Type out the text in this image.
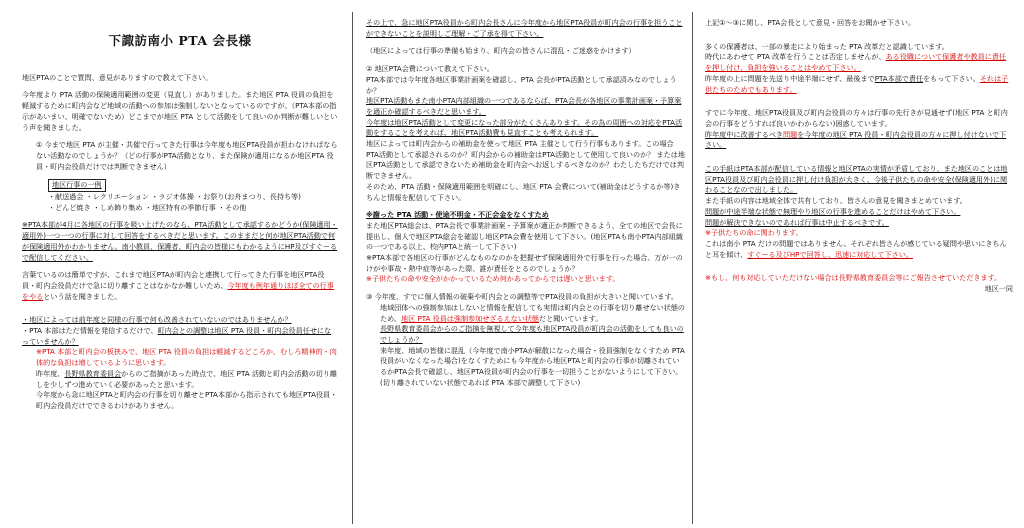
下諏訪南小 PTA 会長様
地区PTAのことで質問、意見がありますので教えて下さい。
今年度より PTA 活動の保険適用範囲の変更（見直し）がありました。また地区 PTA 役員の負担を軽減するために町内会など地域の活動への参加は強制しないとなっているのですが、（PTA本部の指示があいまい、明確でないため）どこまでが地区 PTA として活動をして良いのか判断が難しいという声を聞きました。
① 今まで地区 PTA が主催・共催で行ってきた行事は今年度も地区PTA役員が担わなければならない活動なのでしょうか？（どの行事がPTA活動となり、また保険が適用になるか地区PTA 役員・町内会役員だけでは判断できません）
地区行事の一例
・献送過会 ・レクリエーション ・ラジオ体操 ・お祭り(お舟まつり、長持ち等)
・どんど焼き ・しめ飾り集め ・地区特有の季節行事 ・その他
※PTA本部が4月に各地区の行事を吸い上げたのなら、PTA活動として承認するかどうか(保険適用・適用外)一つ一つの行事に対して回答をするべきだと思います。このままだと何が地区PTA活動で何が保険適用外かわかりません。南小教員、保護者、町内会の皆様にもわかるようにHP及びすぐーるで配信してください。
言葉ているのは簡単ですが、これまで地区PTAが町内会と連携して行ってきた行事を地区PTA役員・町内会役員だけで急に切り離すことはなかなか難しいため、今年度も例年通りほぼ全ての行事をやるという話を聞きました。
・地区によっては前年度と同様の行事で何も改善されていないのではありませんか？
・PTA 本部はただ情報を発信するだけで、町内会との調整は地区 PTA 役員・町内会役員任せになっていませんか？
※PTA 本部と町内会の板挟みで、地区 PTA 役員の負担は軽減するどころか、むしろ精神的・肉体的な負担は増しているように思います。
昨年度、長野県教育委員会からのご指摘があった時点で、地区 PTA 活動と町内会活動の切り離しを少しずつ進めていく必要があったと思います。
今年度から急に地区PTAと町内会の行事を切り離せとPTA本部から指示されても地区PTA役員・町内会役員だけでできるわけがありません。
その上で、急に地区PTA役員から町内会長さんに今年度から地区PTA役員が町内会の行事を担うことができないことを説明しご理解・ご了承を得て下さい。
（地区によっては行事の準備も始まり、町内会の皆さんに混乱・ご迷惑をかけます）
② 地区PTA会費について教えて下さい。
PTA本部では今年度各地区事業計画案を確認し、PTA 会長がPTA活動として承認済みなのでしょうか？
地区PTA活動もまた南小PTA内部組織の一つであるならば、PTA会長が各地区の事業計画案・予算案を適正か確認するべきだと思います。
今年度は地区PTA活動として変更になった部分がたくさんあります。その為の周囲への対応をPTA活動をすることを考えれば、地区PTA活動費も見直すことも考えられます。
地区によっては町内会からの補助金を使って地区 PTA 主催として行う行事もあります。この場合PTA活動として承認されるのか？町内会からの補助金はPTA活動として使用して良いのか？ または地区PTA活動として承認できないため補助金を町内会へお返しするべきなのか？わたしたちだけでは判断できません。
そのため、PTA 活動・保険適用範囲を明確にし、地区 PTA 会費について(補助金はどうするか等)きちんと情報を配信して下さい。
※謝った PTA 活動・使途不明金・不正会金をなくすため
また地区PTA総会は、PTA会長で事業計画案・予算案が適正か判断できるよう、全ての地区で会長に提出し、個人で地区PTA総会を確認し地区PTA会費を使用して下さい。(地区PTAも南小PTA内部組織の一つである以上、校内PTAと統一して下さい)
※PTA本部で各地区の行事がどんなものなのかを把握せず保険適用外で行事を行った場合、万が一のけがや事故・熱中症等があった際、誰が責任をとるのでしょうか？
※子供たちの命や安全がかかっているため何かあってからでは遅いと思います。
③ 今年度、すでに個人情報の破棄や町内会との調整等でPTA役員の負担が大きいと聞いています。
地域団体への強制参加はしないと情報を配信しても実情は町内会との行事を切り離せない状態のため、地区 PTA 役員は強制参加せざるえない状態だと聞いています。
長野県教育委員会からのご指摘を無視して今年度も地区PTA役員が町内会の活動をしても良いのでしょうか？
来年度、地域の皆様に混乱（今年度で南小PTAが解散になった場合・役員強制をなくすため PTA 役員がいなくなった場合)をなくすためにも今年度から地区PTAと町内会の行事が切離されているかPTA会長で確認し、地区PTA役員が町内会の行事を一切担うことがないようにして下さい。(切り離されていない状態であれば PTA 本部で調整して下さい)
上記①～③に関し、PTA会長として意見・回答をお聞かせ下さい。
多くの保護者は、一部の暴走により始まった PTA 改革だと認識しています。
時代にあわせて PTA 改革を行うことは否定しませんが、ある役職について保護者や教員に責任を押し付け、負担を強いることはやめて下さい。
昨年度の上に問題を先送り中途半端にせず、最後までPTA本部で責任をもって下さい。それは子供たちのためでもあります。
すでに今年度、地区PTA役員及び町内会役員の方々は行事の先行きが見通せず(地区 PTA と町内会の行事をどうすれば良いかわからない)困惑しています。
昨年度中に改善するべき問題を今年度の地区 PTA 役員・町内会役員の方々に押し付けないで下さい。
この手紙はPTA本部が配信している情報と地区PTAの実情が矛盾しており、また地区のことは地区PTA役員及び町内会役員に押し付け負担が大きく、今後子供たちの命や安全(保険適用外)に関わることなので出しました。
また手紙の内容は地域全体で共有しており、皆さんの意見を聞きまとめています。
問題が中途半端な状態で無理やり地区の行事を進めることだけはやめて下さい。
問題が解決できないのであれば行事は中止するべきです。
※子供たちの命に関わります。
これは南小 PTA だけの問題ではありません。それぞれ皆さんが感じている疑問や思いにきちんと耳を傾け、すぐーる及びHPで回答し、迅速に対応して下さい。
※もし、何も対応していただけない場合は長野県教育委員会等にご報告させていただきます。
地区一同
